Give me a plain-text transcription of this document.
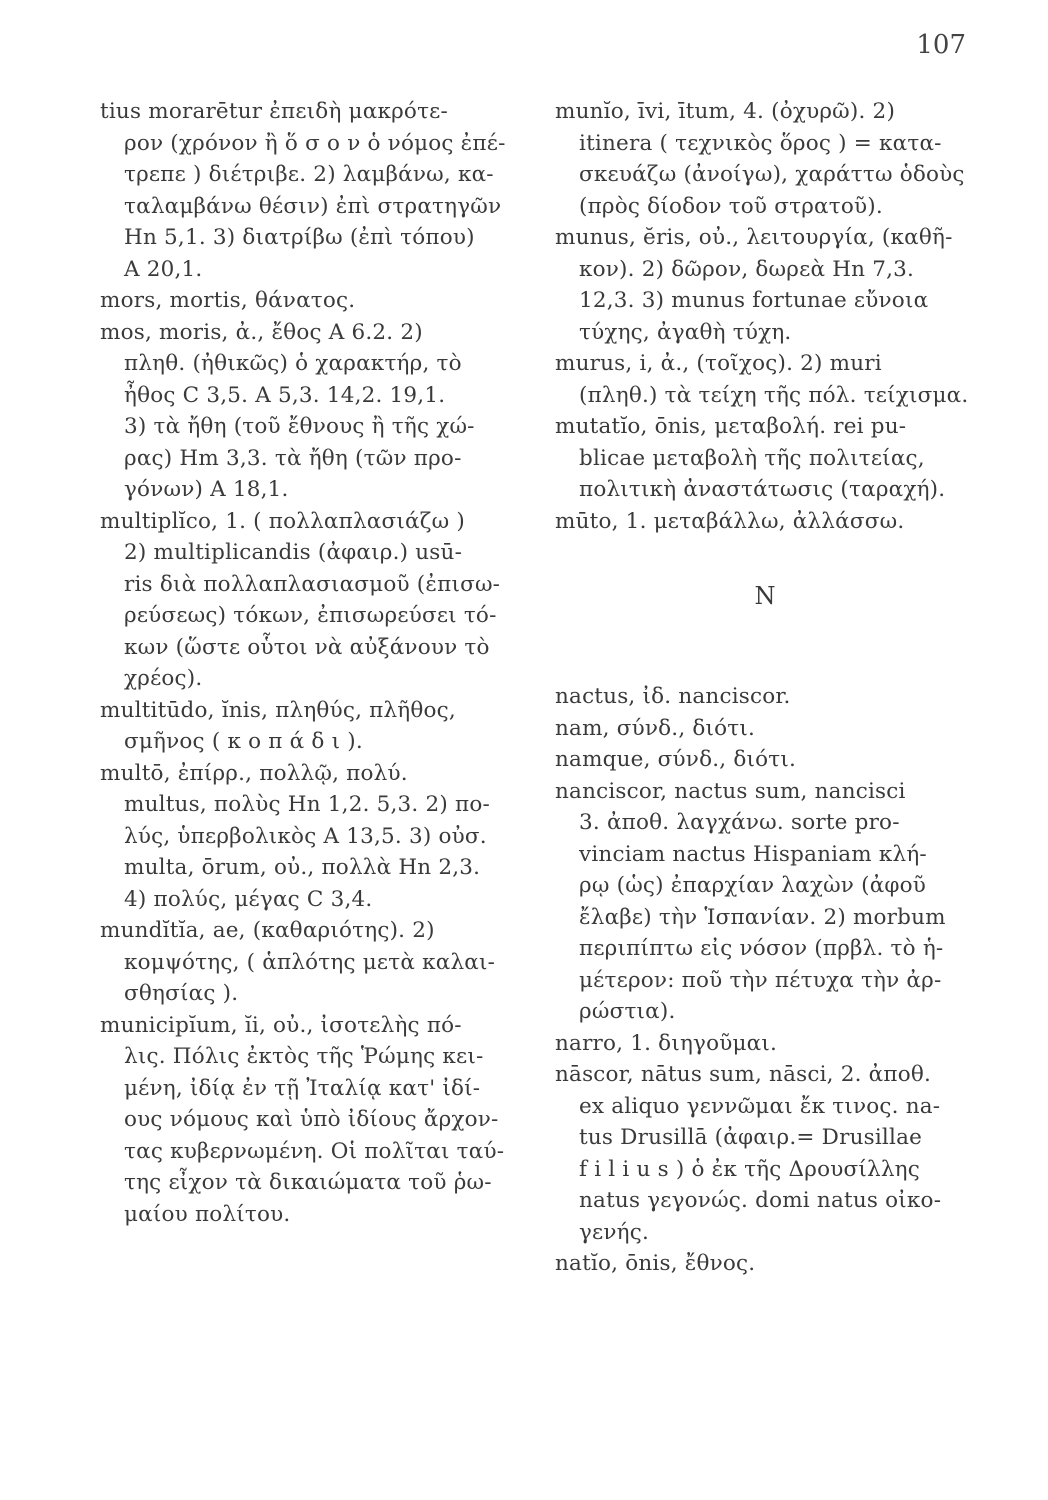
107
tius morarētur ἐπειδὴ μακρότε-
ρον (χρόνον ἢ ὅ σ ο ν ὁ νόμος ἐπέ-
τρεπε ) διέτριβε. 2) λαμβάνω, κα-
ταλαμβάνω θέσιν) ἐπὶ στρατηγῶν
Hn 5,1. 3) διατρίβω (ἐπὶ τόπου)
A 20,1.
mors, mortis, θάνατος.
mos, moris, ἀ., ἔθος A 6.2. 2)
πληθ. (ἠθικῶς) ὁ χαρακτήρ, τὸ
ἦθος C 3,5. A 5,3. 14,2. 19,1.
3) τὰ ἤθη (τοῦ ἔθνους ἢ τῆς χώ-
ρας) Hm 3,3. τὰ ἤθη (τῶν προ-
γόνων) A 18,1.
multiplĭco, 1. ( πολλαπλασιάζω )
2) multiplicandis (ἀφαιρ.) usū-
ris διὰ πολλαπλασιασμοῦ (ἐπισω-
ρεύσεως) τόκων, ἐπισωρεύσει τό-
κων (ὥστε οὗτοι νὰ αὐξάνουν τὸ
χρέος).
multitūdo, ĭnis, πληθύς, πλῆθος,
σμῆνος ( κ ο π ά δ ι ).
multō, ἐπίρρ., πολλῷ, πολύ.
multus, πολὺς Hn 1,2. 5,3. 2) πο-
λύς, ὑπερβολικὸς A 13,5. 3) οὐσ.
multa, ōrum, οὐ., πολλὰ Hn 2,3.
4) πολύς, μέγας C 3,4.
mundĭtĭa, ae, (καθαριότης). 2)
κομψότης, ( ἁπλότης μετὰ καλαι-
σθησίας ).
municipĭum, ĭi, οὐ., ἰσοτελὴς πό-
λις. Πόλις ἐκτὸς τῆς Ῥώμης κει-
μένη, ἰδίᾳ ἐν τῇ Ἰταλίᾳ κατ' ἰδί-
ους νόμους καὶ ὑπὸ ἰδίους ἄρχον-
τας κυβερνωμένη. Οἱ πολῖται ταύ-
της εἶχον τὰ δικαιώματα τοῦ ῥω-
μαίου πολίτου.
munĭo, īvi, ītum, 4. (ὀχυρῶ). 2)
itinera ( τεχνικὸς ὅρος ) = κατα-
σκευάζω (ἀνοίγω), χαράττω ὁδοὺς
(πρὸς δίοδον τοῦ στρατοῦ).
munus, ĕris, οὐ., λειτουργία, (καθῆ-
κον). 2) δῶρον, δωρεὰ Hn 7,3.
12,3. 3) munus fortunae εὔνοια
τύχης, ἀγαθὴ τύχη.
murus, i, ἀ., (τοῖχος). 2) muri
(πληθ.) τὰ τείχη τῆς πόλ. τείχισμα.
mutatĭo, ōnis, μεταβολή. rei pu-
blicae μεταβολὴ τῆς πολιτείας,
πολιτικὴ ἀναστάτωσις (ταραχή).
mūto, 1. μεταβάλλω, ἀλλάσσω.
N
nactus, ἰδ. nanciscor.
nam, σύνδ., διότι.
namque, σύνδ., διότι.
nanciscor, nactus sum, nancisci
3. ἀποθ. λαγχάνω. sorte pro-
vinciam nactus Hispaniam κλή-
ρῳ (ὡς) ἐπαρχίαν λαχὼν (ἀφοῦ
ἔλαβε) τὴν Ἱσπανίαν. 2) morbum
περιπίπτω εἰς νόσον (πρβλ. τὸ ἡ-
μέτερον: ποῦ τὴν πέτυχα τὴν ἀρ-
ρώστια).
narro, 1. διηγοῦμαι.
nāscor, nātus sum, nāsci, 2. ἀποθ.
ex aliquo γεννῶμαι ἔκ τινος. na-
tus Drusillā (ἀφαιρ.= Drusillae
f i l i u s ) ὁ ἐκ τῆς Δρουσίλλης
natus γεγονώς. domi natus οἰκο-
γενής.
natĭo, ōnis, ἔθνος.
